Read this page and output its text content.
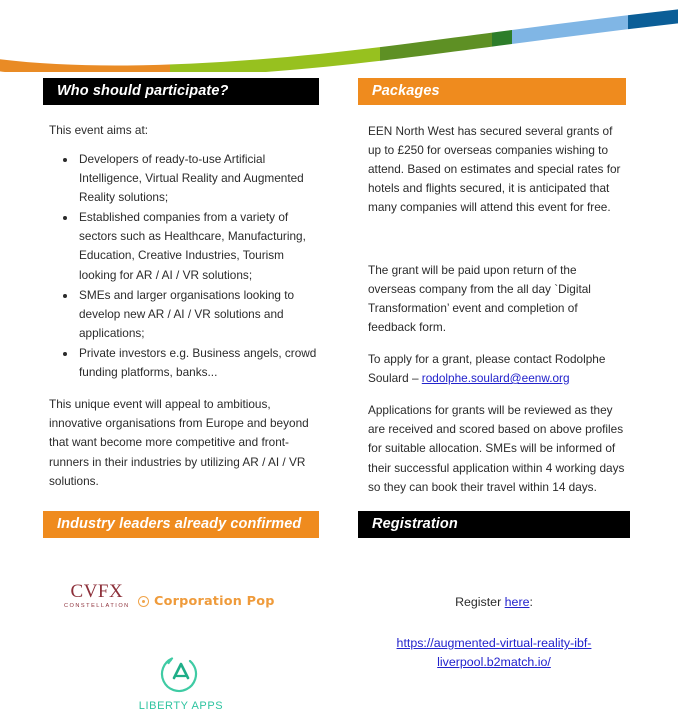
Who should participate?
This event aims at:
• Developers of ready-to-use Artificial Intelligence, Virtual Reality and Augmented Reality solutions;
• Established companies from a variety of sectors such as Healthcare, Manufacturing, Education, Creative Industries, Tourism looking for AR / AI / VR solutions;
• SMEs and larger organisations looking to develop new AR / AI / VR solutions and applications;
• Private investors e.g. Business angels, crowd funding platforms, banks...
This unique event will appeal to ambitious, innovative organisations from Europe and beyond that want become more competitive and front-runners in their industries by utilizing AR / AI / VR solutions.
Packages

EEN North West has secured several grants of up to £250 for overseas companies wishing to attend. Based on estimates and special rates for hotels and flights secured, it is anticipated that many companies will attend this event for free.

The grant will be paid upon return of the overseas company from the all day `Digital Transformation’ event and completion of feedback form.

To apply for a grant, please contact Rodolphe Soulard – rodolphe.soulard@eenw.org

Applications for grants will be reviewed as they are received and scored based on above profiles for suitable allocation. SMEs will be informed of their successful application within 4 working days so they can book their travel within 14 days.

Industry leaders already confirmed
CVFX
CONSTELLATION Corporation Pop
LIBERTY APPS
Registration
Register here:
https://augmented-virtual-reality-ibf-liverpool.b2match.io/
